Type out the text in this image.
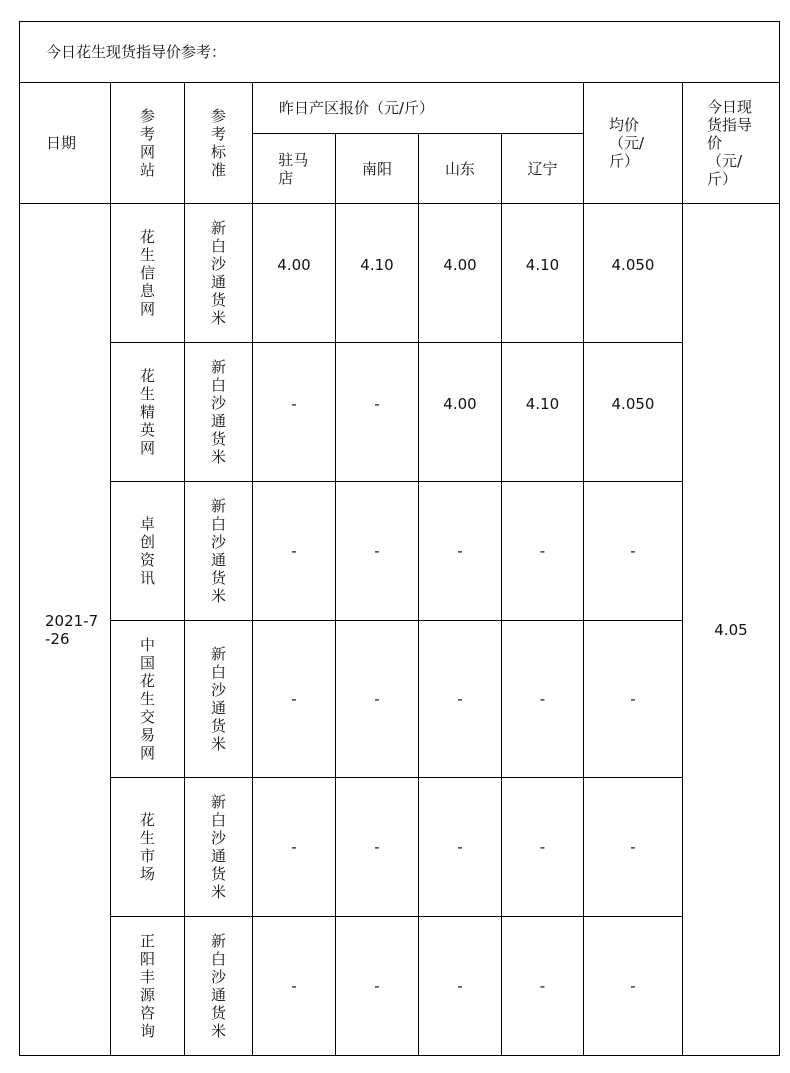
今日花生现货指导价参考：								
日期	参考网站	参考标准	昨日产区报价（元/斤）				均价（元/斤）	今日现货指导价（元/斤）
			驻马店	南阳	山东	辽宁		
2021-7-26	花生信息网	新白沙通货米	4.00	4.10	4.00	4.10	4.050	4.05
	花生精英网	新白沙通货米	-	-	4.00	4.10	4.050	
	卓创资讯	新白沙通货米	-	-	-	-	-	
	中国花生交易网	新白沙通货米	-	-	-	-	-	
	花生市场	新白沙通货米	-	-	-	-	-	
	正阳丰源咨询	新白沙通货米	-	-	-	-	-	
